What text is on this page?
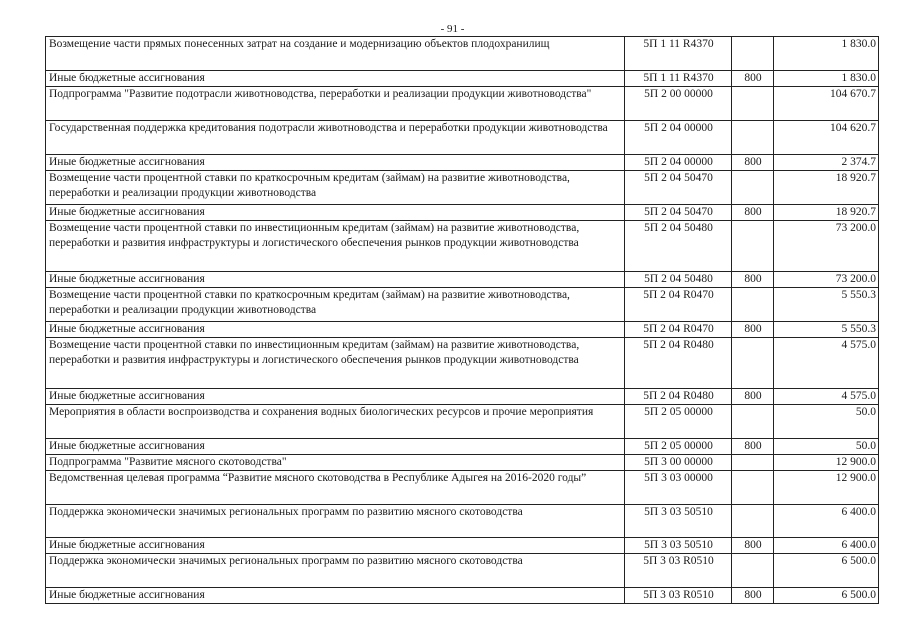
- 91 -
Возмещение части прямых понесенных затрат на создание и модернизацию объектов плодохранилищ	5П 1 11 R4370		1 830.0
Иные бюджетные ассигнования	5П 1 11 R4370	800	1 830.0
Подпрограмма "Развитие подотрасли животноводства, переработки и реализации продукции животноводства"	5П 2 00 00000		104 670.7
Государственная поддержка кредитования подотрасли животноводства и переработки продукции животноводства	5П 2 04 00000		104 620.7
Иные бюджетные ассигнования	5П 2 04 00000	800	2 374.7
Возмещение части процентной ставки по краткосрочным кредитам (займам) на развитие животноводства, переработки и реализации продукции животноводства	5П 2 04 50470		18 920.7
Иные бюджетные ассигнования	5П 2 04 50470	800	18 920.7
Возмещение части процентной ставки по инвестиционным кредитам (займам) на развитие животноводства, переработки и развития инфраструктуры и логистического обеспечения рынков продукции животноводства	5П 2 04 50480		73 200.0
Иные бюджетные ассигнования	5П 2 04 50480	800	73 200.0
Возмещение части процентной ставки по краткосрочным кредитам (займам) на развитие животноводства, переработки и реализации продукции животноводства	5П 2 04 R0470		5 550.3
Иные бюджетные ассигнования	5П 2 04 R0470	800	5 550.3
Возмещение части процентной ставки по инвестиционным кредитам (займам) на развитие животноводства, переработки и развития инфраструктуры и логистического обеспечения рынков продукции животноводства	5П 2 04 R0480		4 575.0
Иные бюджетные ассигнования	5П 2 04 R0480	800	4 575.0
Мероприятия в области воспроизводства и сохранения водных биологических ресурсов и прочие мероприятия	5П 2 05 00000		50.0
Иные бюджетные ассигнования	5П 2 05 00000	800	50.0
Подпрограмма "Развитие мясного скотоводства"	5П 3 00 00000		12 900.0
Ведомственная целевая программа “Развитие мясного скотоводства в Республике Адыгея на 2016-2020 годы”	5П 3 03 00000		12 900.0
Поддержка экономически значимых региональных программ по развитию мясного скотоводства	5П 3 03 50510		6 400.0
Иные бюджетные ассигнования	5П 3 03 50510	800	6 400.0
Поддержка экономически значимых региональных программ по развитию мясного скотоводства	5П 3 03 R0510		6 500.0
Иные бюджетные ассигнования	5П 3 03 R0510	800	6 500.0
